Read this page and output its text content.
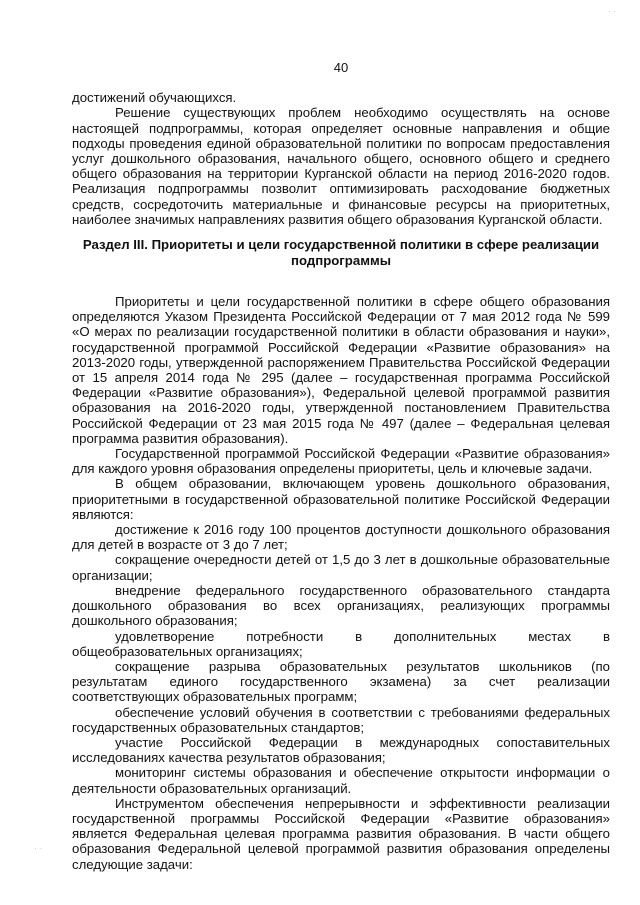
· ·
· ·
40

достижений обучающихся.

Решение существующих проблем необходимо осуществлять на основе настоящей подпрограммы, которая определяет основные направления и общие подходы проведения единой образовательной политики по вопросам предоставления услуг дошкольного образования, начального общего, основного общего и среднего общего образования на территории Курганской области на период 2016-2020 годов. Реализация подпрограммы позволит оптимизировать расходование бюджетных средств, сосредоточить материальные и финансовые ресурсы на приоритетных, наиболее значимых направлениях развития общего образования Курганской области.

Раздел III. Приоритеты и цели государственной политики в сфере реализации подпрограммы

Приоритеты и цели государственной политики в сфере общего образования определяются Указом Президента Российской Федерации от 7 мая 2012 года № 599 «О мерах по реализации государственной политики в области образования и науки», государственной программой Российской Федерации «Развитие образования» на 2013-2020 годы, утвержденной распоряжением Правительства Российской Федерации от 15 апреля 2014 года № 295 (далее – государственная программа Российской Федерации «Развитие образования»), Федеральной целевой программой развития образования на 2016-2020 годы, утвержденной постановлением Правительства Российской Федерации от 23 мая 2015 года № 497 (далее – Федеральная целевая программа развития образования).

Государственной программой Российской Федерации «Развитие образования» для каждого уровня образования определены приоритеты, цель и ключевые задачи.

В общем образовании, включающем уровень дошкольного образования, приоритетными в государственной образовательной политике Российской Федерации являются:

достижение к 2016 году 100 процентов доступности дошкольного образования для детей в возрасте от 3 до 7 лет;

сокращение очередности детей от 1,5 до 3 лет в дошкольные образовательные организации;

внедрение федерального государственного образовательного стандарта дошкольного образования во всех организациях, реализующих программы дошкольного образования;

удовлетворение потребности в дополнительных местах в общеобразовательных организациях;

сокращение разрыва образовательных результатов школьников (по результатам единого государственного экзамена) за счет реализации соответствующих образовательных программ;

обеспечение условий обучения в соответствии с требованиями федеральных государственных образовательных стандартов;

участие Российской Федерации в международных сопоставительных исследованиях качества результатов образования;

мониторинг системы образования и обеспечение открытости информации о деятельности образовательных организаций.

Инструментом обеспечения непрерывности и эффективности реализации государственной программы Российской Федерации «Развитие образования» является Федеральная целевая программа развития образования. В части общего образования Федеральной целевой программой развития образования определены следующие задачи:
